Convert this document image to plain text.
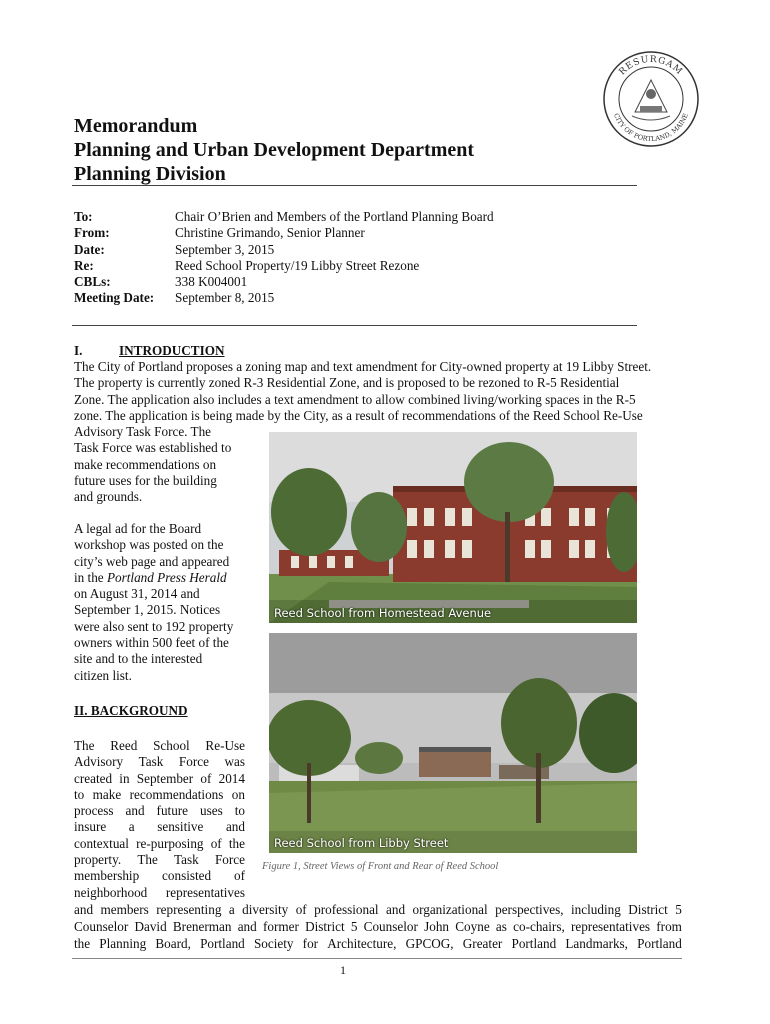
RESURGAM
CITY OF PORTLAND, MAINE
Memorandum
Planning and Urban Development Department
Planning Division
To:	Chair O’Brien and Members of the Portland Planning Board
From:	Christine Grimando, Senior Planner
Date:	September 3, 2015
Re:	Reed School Property/19 Libby Street Rezone
CBLs:	338 K004001
Meeting Date:	September 8, 2015
I.	INTRODUCTION
The City of Portland proposes a zoning map and text amendment for City-owned property at 19 Libby Street.
The property is currently zoned R-3 Residential Zone, and is proposed to be rezoned to R-5 Residential
Zone. The application also includes a text amendment to allow combined living/working spaces in the R-5
zone. The application is being made by the City, as a result of recommendations of the Reed School Re-Use
Advisory Task Force. The
Task Force was established to
make recommendations on
future uses for the building
and grounds.
A legal ad for the Board
workshop was posted on the
city’s web page and appeared
in the Portland Press Herald
on August 31, 2014 and
September 1, 2015. Notices
were also sent to 192 property
owners within 500 feet of the
site and to the interested
citizen list.
II. BACKGROUND
The Reed School Re-Use
Advisory Task Force was
created in September of 2014
to make recommendations on
process and future uses to
insure a sensitive and
contextual re-purposing of the
property. The Task Force
membership consisted of
neighborhood representatives
and members representing a diversity of professional and organizational perspectives, including District 5
Counselor David Brenerman and former District 5 Counselor John Coyne as co-chairs, representatives from
the Planning Board, Portland Society for Architecture, GPCOG, Greater Portland Landmarks, Portland
Reed School from Homestead Avenue
Reed School from Libby Street
Figure 1, Street Views of Front and Rear of Reed School
1
